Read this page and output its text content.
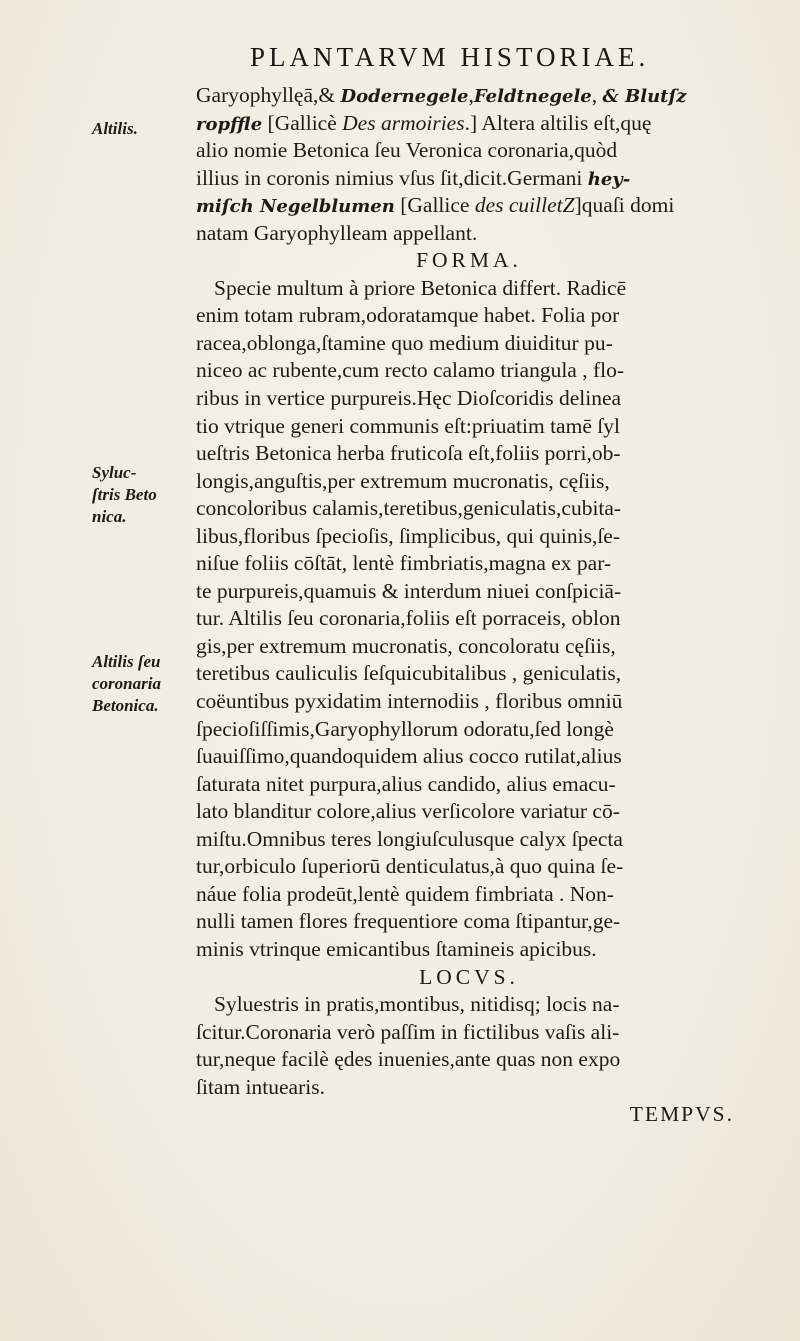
PLANTARVM HISTORIAE.
Altilis.
Syluc-
ſtris Beto
nica.
Altilis ſeu
coronaria
Betonica.
Garyophyllęā,& Dodernegele,Feldtnegele, & Blutſz
ropffle [Gallicè Des armoiries.] Altera altilis eſt,quę
alio nomie Betonica ſeu Veronica coronaria,quòd
illius in coronis nimius vſus ſit,dicit.Germani hey-
miſch Negelblumen [Gallice des cuilletZ]quaſi domi
natam Garyophylleam appellant.
FORMA.
Specie multum à priore Betonica differt. Radicē
enim totam rubram,odoratamque habet. Folia por
racea,oblonga,ſtamine quo medium diuiditur pu-
niceo ac rubente,cum recto calamo triangula , flo-
ribus in vertice purpureis.Hęc Dioſcoridis delinea
tio vtrique generi communis eſt:priuatim tamē ſyl
ueſtris Betonica herba fruticoſa eſt,foliis porri,ob-
longis,anguſtis,per extremum mucronatis, cęſiis,
concoloribus calamis,teretibus,geniculatis,cubita-
libus,floribus ſpecioſis, ſimplicibus, qui quinis,ſe-
niſue foliis cōſtāt, lentè fimbriatis,magna ex par-
te purpureis,quamuis & interdum niuei conſpiciā-
tur. Altilis ſeu coronaria,foliis eſt porraceis, oblon
gis,per extremum mucronatis, concoloratu cęſiis,
teretibus cauliculis ſeſquicubitalibus , geniculatis,
coëuntibus pyxidatim internodiis , floribus omniū
ſpecioſiſſimis,Garyophyllorum odoratu,ſed longè
ſuauiſſimo,quandoquidem alius cocco rutilat,alius
ſaturata nitet purpura,alius candido, alius emacu-
lato blanditur colore,alius verſicolore variatur cō-
miſtu.Omnibus teres longiuſculusque calyx ſpecta
tur,orbiculo ſuperiorū denticulatus,à quo quina ſe-
náue folia prodeūt,lentè quidem fimbriata . Non-
nulli tamen flores frequentiore coma ſtipantur,ge-
minis vtrinque emicantibus ſtamineis apicibus.
LOCVS.
Syluestris in pratis,montibus, nitidisq; locis na-
ſcitur.Coronaria verò paſſim in fictilibus vaſis ali-
tur,neque facilè ędes inuenies,ante quas non expo
ſitam intuearis.
TEMPVS.
